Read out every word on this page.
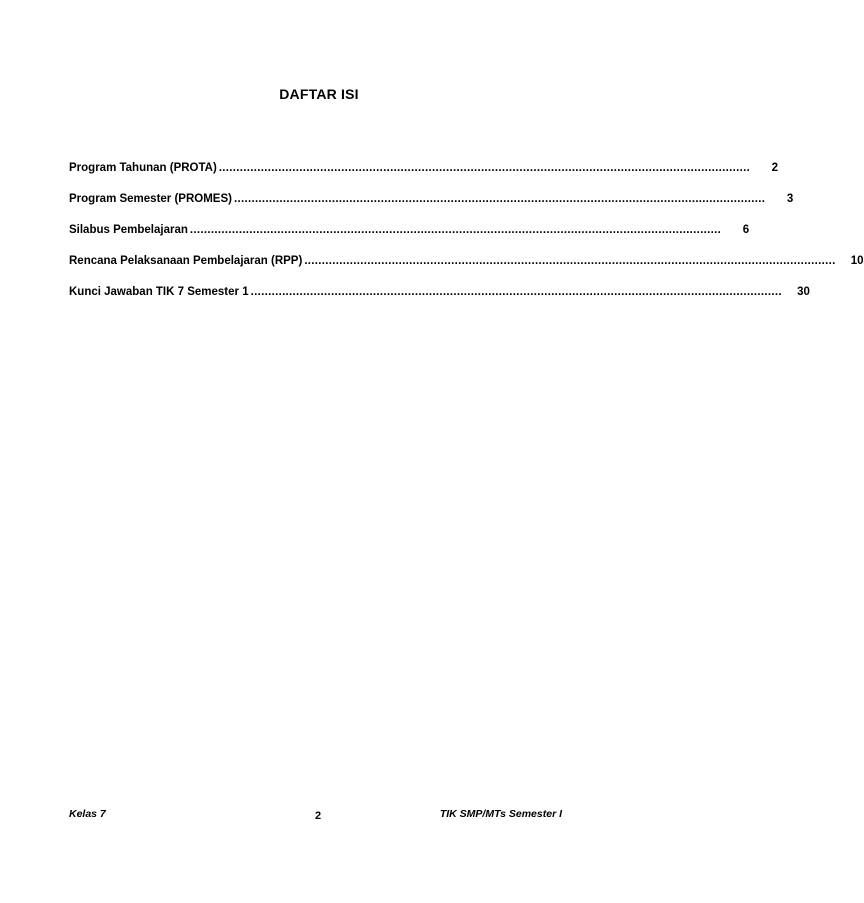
DAFTAR ISI
Program Tahunan (PROTA) ........................................................................................................................................................	2
Program Semester (PROMES) ........................................................................................................................................................	3
Silabus Pembelajaran ........................................................................................................................................................	6
Rencana Pelaksanaan Pembelajaran (RPP) ........................................................................................................................................................	10
Kunci Jawaban TIK 7 Semester 1 ........................................................................................................................................................	30
Kelas 7	2	TIK SMP/MTs Semester I
